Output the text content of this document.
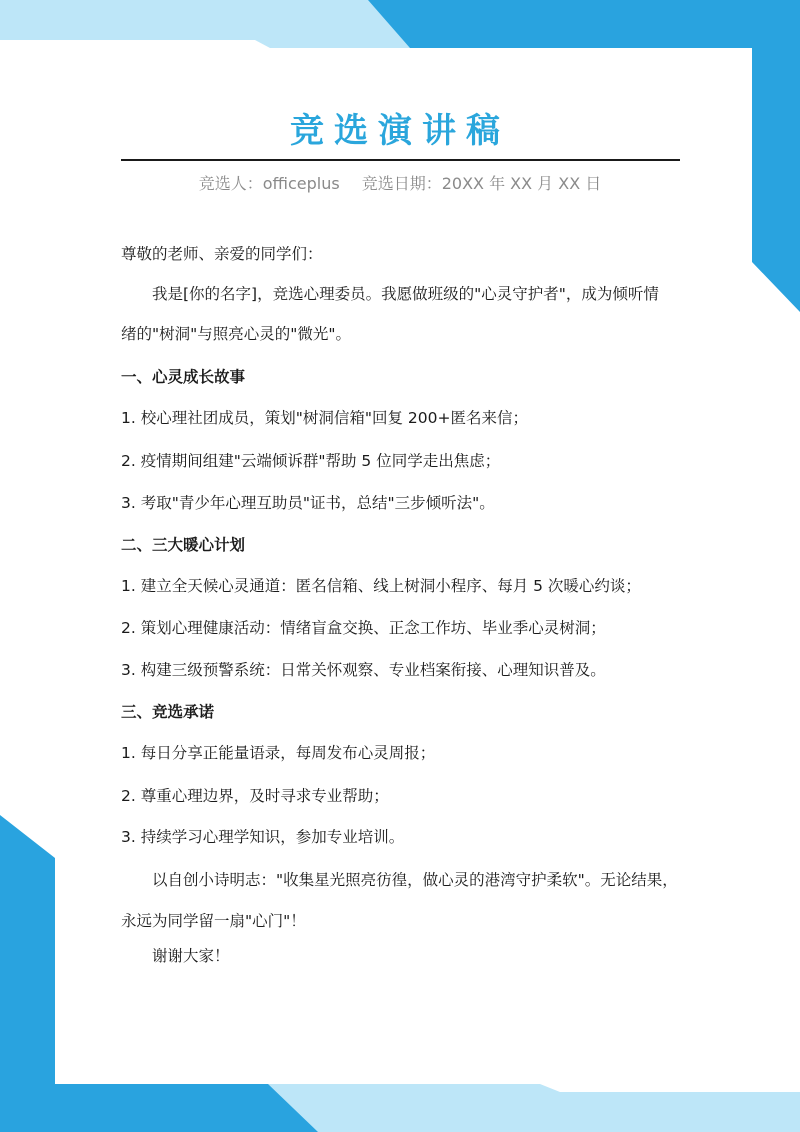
竞选演讲稿
竞选人：officeplus 竞选日期：20XX 年 XX 月 XX 日
尊敬的老师、亲爱的同学们：
我是[你的名字]，竞选心理委员。我愿做班级的"心灵守护者"，成为倾听情
绪的"树洞"与照亮心灵的"微光"。
一、心灵成长故事
1. 校心理社团成员，策划"树洞信箱"回复 200+匿名来信；
2. 疫情期间组建"云端倾诉群"帮助 5 位同学走出焦虑；
3. 考取"青少年心理互助员"证书，总结"三步倾听法"。
二、三大暖心计划
1. 建立全天候心灵通道：匿名信箱、线上树洞小程序、每月 5 次暖心约谈；
2. 策划心理健康活动：情绪盲盒交换、正念工作坊、毕业季心灵树洞；
3. 构建三级预警系统：日常关怀观察、专业档案衔接、心理知识普及。
三、竞选承诺
1. 每日分享正能量语录，每周发布心灵周报；
2. 尊重心理边界，及时寻求专业帮助；
3. 持续学习心理学知识，参加专业培训。
以自创小诗明志："收集星光照亮彷徨，做心灵的港湾守护柔软"。无论结果，
永远为同学留一扇"心门"！
谢谢大家！
